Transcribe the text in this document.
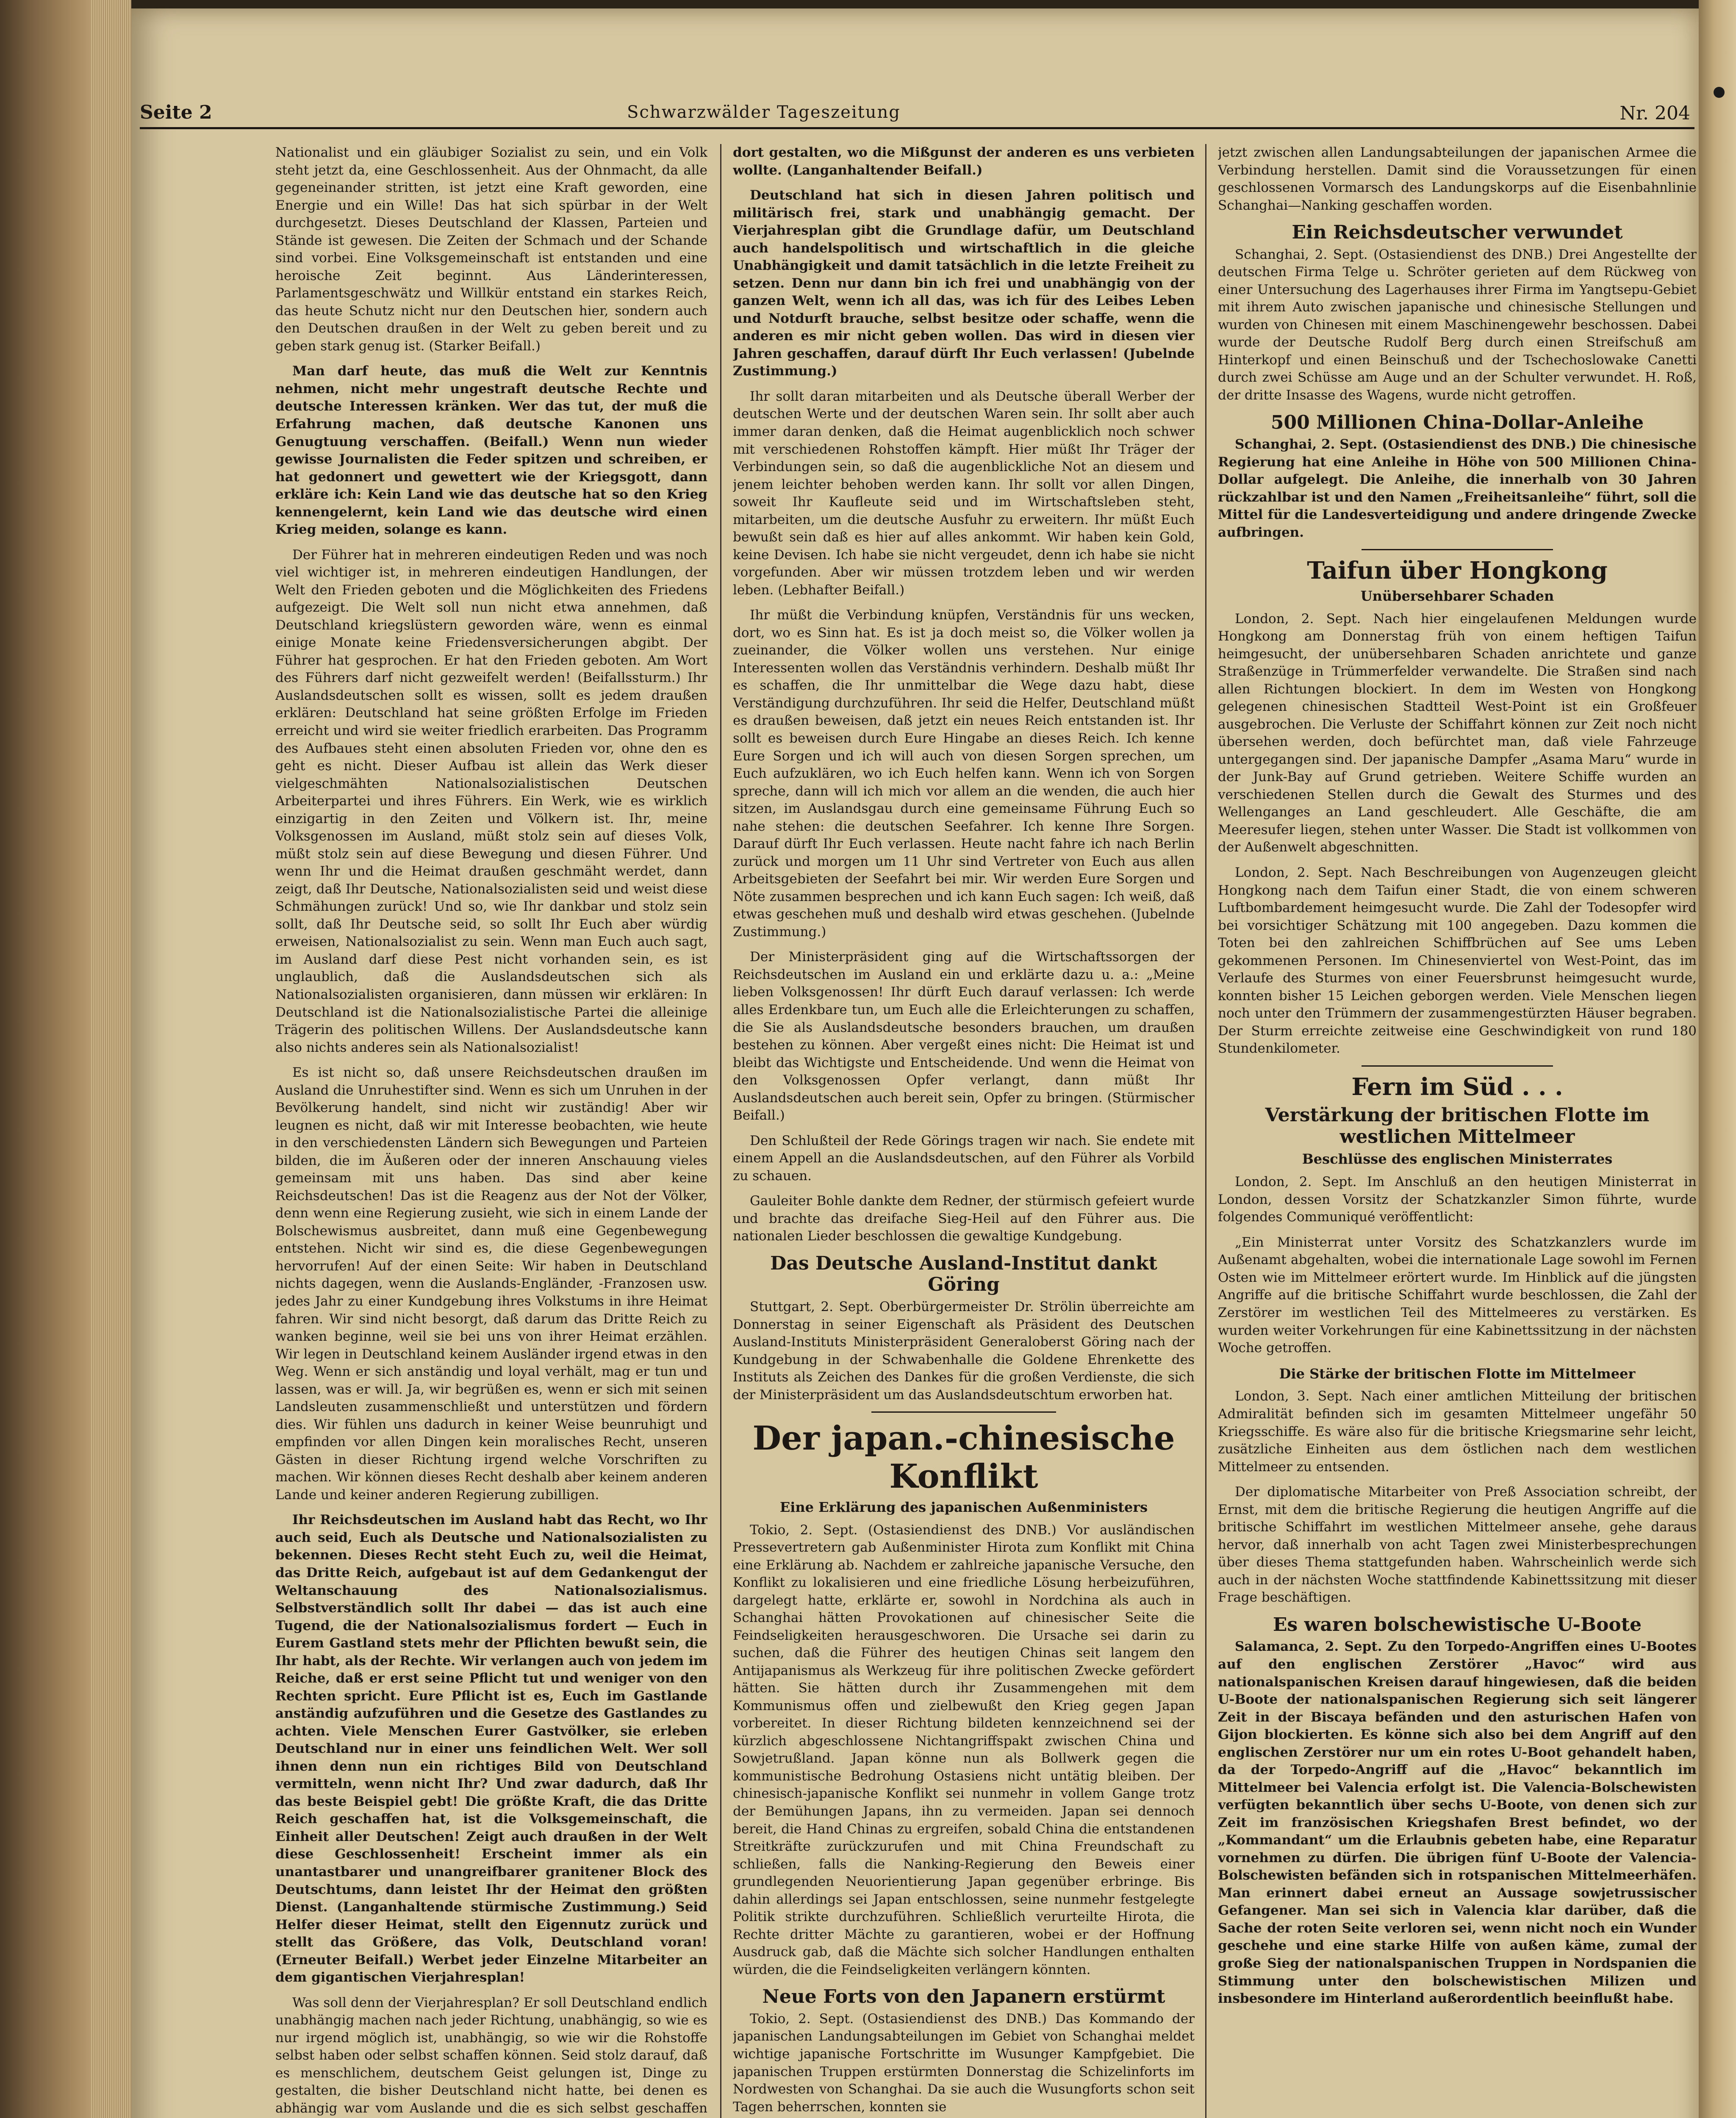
Seite 2	Schwarzwälder Tageszeitung	Nr. 204

Nationalist und ein gläubiger Sozialist zu sein, und ein Volk steht jetzt da, eine Geschlossenheit. Aus der Ohnmacht, da alle gegeneinander stritten, ist jetzt eine Kraft geworden, eine Energie und ein Wille! Das hat sich spürbar in der Welt durchgesetzt. Dieses Deutschland der Klassen, Parteien und Stände ist gewesen. Die Zeiten der Schmach und der Schande sind vorbei. Eine Volksgemeinschaft ist entstanden und eine heroische Zeit beginnt. Aus Länderinteressen, Parlamentsgeschwätz und Willkür entstand ein starkes Reich, das heute Schutz nicht nur den Deutschen hier, sondern auch den Deutschen draußen in der Welt zu geben bereit und zu geben stark genug ist. (Starker Beifall.)

Man darf heute, das muß die Welt zur Kenntnis nehmen, nicht mehr ungestraft deutsche Rechte und deutsche Interessen kränken. Wer das tut, der muß die Erfahrung machen, daß deutsche Kanonen uns Genugtuung verschaffen. (Beifall.) Wenn nun wieder gewisse Journalisten die Feder spitzen und schreiben, er hat gedonnert und gewettert wie der Kriegsgott, dann erkläre ich: Kein Land wie das deutsche hat so den Krieg kennengelernt, kein Land wie das deutsche wird einen Krieg meiden, solange es kann.

Der Führer hat in mehreren eindeutigen Reden und was noch viel wichtiger ist, in mehreren eindeutigen Handlungen, der Welt den Frieden geboten und die Möglichkeiten des Friedens aufgezeigt. Die Welt soll nun nicht etwa annehmen, daß Deutschland kriegslüstern geworden wäre, wenn es einmal einige Monate keine Friedensversicherungen abgibt. Der Führer hat gesprochen. Er hat den Frieden geboten. Am Wort des Führers darf nicht gezweifelt werden! (Beifallssturm.) Ihr Auslandsdeutschen sollt es wissen, sollt es jedem draußen erklären: Deutschland hat seine größten Erfolge im Frieden erreicht und wird sie weiter friedlich erarbeiten. Das Programm des Aufbaues steht einen absoluten Frieden vor, ohne den es geht es nicht. Dieser Aufbau ist allein das Werk dieser vielgeschmähten Nationalsozialistischen Deutschen Arbeiterpartei und ihres Führers. Ein Werk, wie es wirklich einzigartig in den Zeiten und Völkern ist. Ihr, meine Volksgenossen im Ausland, müßt stolz sein auf dieses Volk, müßt stolz sein auf diese Bewegung und diesen Führer. Und wenn Ihr und die Heimat draußen geschmäht werdet, dann zeigt, daß Ihr Deutsche, Nationalsozialisten seid und weist diese Schmähungen zurück! Und so, wie Ihr dankbar und stolz sein sollt, daß Ihr Deutsche seid, so sollt Ihr Euch aber würdig erweisen, Nationalsozialist zu sein. Wenn man Euch auch sagt, im Ausland darf diese Pest nicht vorhanden sein, es ist unglaublich, daß die Auslandsdeutschen sich als Nationalsozialisten organisieren, dann müssen wir erklären: In Deutschland ist die Nationalsozialistische Partei die alleinige Trägerin des politischen Willens. Der Auslandsdeutsche kann also nichts anderes sein als Nationalsozialist!

Es ist nicht so, daß unsere Reichsdeutschen draußen im Ausland die Unruhestifter sind. Wenn es sich um Unruhen in der Bevölkerung handelt, sind nicht wir zuständig! Aber wir leugnen es nicht, daß wir mit Interesse beobachten, wie heute in den verschiedensten Ländern sich Bewegungen und Parteien bilden, die im Äußeren oder der inneren Anschauung vieles gemeinsam mit uns haben. Das sind aber keine Reichsdeutschen! Das ist die Reagenz aus der Not der Völker, denn wenn eine Regierung zusieht, wie sich in einem Lande der Bolschewismus ausbreitet, dann muß eine Gegenbewegung entstehen. Nicht wir sind es, die diese Gegenbewegungen hervorrufen! Auf der einen Seite: Wir haben in Deutschland nichts dagegen, wenn die Auslands-Engländer, -Franzosen usw. jedes Jahr zu einer Kundgebung ihres Volkstums in ihre Heimat fahren. Wir sind nicht besorgt, daß darum das Dritte Reich zu wanken beginne, weil sie bei uns von ihrer Heimat erzählen. Wir legen in Deutschland keinem Ausländer irgend etwas in den Weg. Wenn er sich anständig und loyal verhält, mag er tun und lassen, was er will. Ja, wir begrüßen es, wenn er sich mit seinen Landsleuten zusammenschließt und unterstützen und fördern dies. Wir fühlen uns dadurch in keiner Weise beunruhigt und empfinden vor allen Dingen kein moralisches Recht, unseren Gästen in dieser Richtung irgend welche Vorschriften zu machen. Wir können dieses Recht deshalb aber keinem anderen Lande und keiner anderen Regierung zubilligen.

Ihr Reichsdeutschen im Ausland habt das Recht, wo Ihr auch seid, Euch als Deutsche und Nationalsozialisten zu bekennen. Dieses Recht steht Euch zu, weil die Heimat, das Dritte Reich, aufgebaut ist auf dem Gedankengut der Weltanschauung des Nationalsozialismus. Selbstverständlich sollt Ihr dabei — das ist auch eine Tugend, die der Nationalsozialismus fordert — Euch in Eurem Gastland stets mehr der Pflichten bewußt sein, die Ihr habt, als der Rechte. Wir verlangen auch von jedem im Reiche, daß er erst seine Pflicht tut und weniger von den Rechten spricht. Eure Pflicht ist es, Euch im Gastlande anständig aufzuführen und die Gesetze des Gastlandes zu achten. Viele Menschen Eurer Gastvölker, sie erleben Deutschland nur in einer uns feindlichen Welt. Wer soll ihnen denn nun ein richtiges Bild von Deutschland vermitteln, wenn nicht Ihr? Und zwar dadurch, daß Ihr das beste Beispiel gebt! Die größte Kraft, die das Dritte Reich geschaffen hat, ist die Volksgemeinschaft, die Einheit aller Deutschen! Zeigt auch draußen in der Welt diese Geschlossenheit! Erscheint immer als ein unantastbarer und unangreifbarer granitener Block des Deutschtums, dann leistet Ihr der Heimat den größten Dienst. (Langanhaltende stürmische Zustimmung.) Seid Helfer dieser Heimat, stellt den Eigennutz zurück und stellt das Größere, das Volk, Deutschland voran! (Erneuter Beifall.) Werbet jeder Einzelne Mitarbeiter an dem gigantischen Vierjahresplan!

Was soll denn der Vierjahresplan? Er soll Deutschland endlich unabhängig machen nach jeder Richtung, unabhängig, so wie es nur irgend möglich ist, unabhängig, so wie wir die Rohstoffe selbst haben oder selbst schaffen können. Seid stolz darauf, daß es menschlichem, deutschem Geist gelungen ist, Dinge zu gestalten, die bisher Deutschland nicht hatte, bei denen es abhängig war vom Auslande und die es sich selbst geschaffen

dort gestalten, wo die Mißgunst der anderen es uns verbieten wollte. (Langanhaltender Beifall.)

Deutschland hat sich in diesen Jahren politisch und militärisch frei, stark und unabhängig gemacht. Der Vierjahresplan gibt die Grundlage dafür, um Deutschland auch handelspolitisch und wirtschaftlich in die gleiche Unabhängigkeit und damit tatsächlich in die letzte Freiheit zu setzen. Denn nur dann bin ich frei und unabhängig von der ganzen Welt, wenn ich all das, was ich für des Leibes Leben und Notdurft brauche, selbst besitze oder schaffe, wenn die anderen es mir nicht geben wollen. Das wird in diesen vier Jahren geschaffen, darauf dürft Ihr Euch verlassen! (Jubelnde Zustimmung.)

Ihr sollt daran mitarbeiten und als Deutsche überall Werber der deutschen Werte und der deutschen Waren sein. Ihr sollt aber auch immer daran denken, daß die Heimat augenblicklich noch schwer mit verschiedenen Rohstoffen kämpft. Hier müßt Ihr Träger der Verbindungen sein, so daß die augenblickliche Not an diesem und jenem leichter behoben werden kann. Ihr sollt vor allen Dingen, soweit Ihr Kaufleute seid und im Wirtschaftsleben steht, mitarbeiten, um die deutsche Ausfuhr zu erweitern. Ihr müßt Euch bewußt sein daß es hier auf alles ankommt. Wir haben kein Gold, keine Devisen. Ich habe sie nicht vergeudet, denn ich habe sie nicht vorgefunden. Aber wir müssen trotzdem leben und wir werden leben. (Lebhafter Beifall.)

Ihr müßt die Verbindung knüpfen, Verständnis für uns wecken, dort, wo es Sinn hat. Es ist ja doch meist so, die Völker wollen ja zueinander, die Völker wollen uns verstehen. Nur einige Interessenten wollen das Verständnis verhindern. Deshalb müßt Ihr es schaffen, die Ihr unmittelbar die Wege dazu habt, diese Verständigung durchzuführen. Ihr seid die Helfer, Deutschland müßt es draußen beweisen, daß jetzt ein neues Reich entstanden ist. Ihr sollt es beweisen durch Eure Hingabe an dieses Reich. Ich kenne Eure Sorgen und ich will auch von diesen Sorgen sprechen, um Euch aufzuklären, wo ich Euch helfen kann. Wenn ich von Sorgen spreche, dann will ich mich vor allem an die wenden, die auch hier sitzen, im Auslandsgau durch eine gemeinsame Führung Euch so nahe stehen: die deutschen Seefahrer. Ich kenne Ihre Sorgen. Darauf dürft Ihr Euch verlassen. Heute nacht fahre ich nach Berlin zurück und morgen um 11 Uhr sind Vertreter von Euch aus allen Arbeitsgebieten der Seefahrt bei mir. Wir werden Eure Sorgen und Nöte zusammen besprechen und ich kann Euch sagen: Ich weiß, daß etwas geschehen muß und deshalb wird etwas geschehen. (Jubelnde Zustimmung.)

Der Ministerpräsident ging auf die Wirtschaftssorgen der Reichsdeutschen im Ausland ein und erklärte dazu u. a.: „Meine lieben Volksgenossen! Ihr dürft Euch darauf verlassen: Ich werde alles Erdenkbare tun, um Euch alle die Erleichterungen zu schaffen, die Sie als Auslandsdeutsche besonders brauchen, um draußen bestehen zu können. Aber vergeßt eines nicht: Die Heimat ist und bleibt das Wichtigste und Entscheidende. Und wenn die Heimat von den Volksgenossen Opfer verlangt, dann müßt Ihr Auslandsdeutschen auch bereit sein, Opfer zu bringen. (Stürmischer Beifall.)

Den Schlußteil der Rede Görings tragen wir nach. Sie endete mit einem Appell an die Auslandsdeutschen, auf den Führer als Vorbild zu schauen.

Gauleiter Bohle dankte dem Redner, der stürmisch gefeiert wurde und brachte das dreifache Sieg-Heil auf den Führer aus. Die nationalen Lieder beschlossen die gewaltige Kundgebung.

Das Deutsche Ausland-Institut dankt Göring

Stuttgart, 2. Sept. Oberbürgermeister Dr. Strölin überreichte am Donnerstag in seiner Eigenschaft als Präsident des Deutschen Ausland-Instituts Ministerpräsident Generaloberst Göring nach der Kundgebung in der Schwabenhalle die Goldene Ehrenkette des Instituts als Zeichen des Dankes für die großen Verdienste, die sich der Ministerpräsident um das Auslandsdeutschtum erworben hat.

Der japan.-chinesische Konflikt
Eine Erklärung des japanischen Außenministers

Tokio, 2. Sept. (Ostasiendienst des DNB.) Vor ausländischen Pressevertretern gab Außenminister Hirota zum Konflikt mit China eine Erklärung ab. Nachdem er zahlreiche japanische Versuche, den Konflikt zu lokalisieren und eine friedliche Lösung herbeizuführen, dargelegt hatte, erklärte er, sowohl in Nordchina als auch in Schanghai hätten Provokationen auf chinesischer Seite die Feindseligkeiten herausgeschworen. Die Ursache sei darin zu suchen, daß die Führer des heutigen Chinas seit langem den Antijapanismus als Werkzeug für ihre politischen Zwecke gefördert hätten. Sie hätten durch ihr Zusammengehen mit dem Kommunismus offen und zielbewußt den Krieg gegen Japan vorbereitet. In dieser Richtung bildeten kennzeichnend sei der kürzlich abgeschlossene Nichtangriffspakt zwischen China und Sowjetrußland. Japan könne nun als Bollwerk gegen die kommunistische Bedrohung Ostasiens nicht untätig bleiben. Der chinesisch-japanische Konflikt sei nunmehr in vollem Gange trotz der Bemühungen Japans, ihn zu vermeiden. Japan sei dennoch bereit, die Hand Chinas zu ergreifen, sobald China die entstandenen Streitkräfte zurückzurufen und mit China Freundschaft zu schließen, falls die Nanking-Regierung den Beweis einer grundlegenden Neuorientierung Japan gegenüber erbringe. Bis dahin allerdings sei Japan entschlossen, seine nunmehr festgelegte Politik strikte durchzuführen. Schließlich verurteilte Hirota, die Rechte dritter Mächte zu garantieren, wobei er der Hoffnung Ausdruck gab, daß die Mächte sich solcher Handlungen enthalten würden, die die Feindseligkeiten verlängern könnten.

Neue Forts von den Japanern erstürmt

Tokio, 2. Sept. (Ostasiendienst des DNB.) Das Kommando der japanischen Landungsabteilungen im Gebiet von Schanghai meldet wichtige japanische Fortschritte im Wusunger Kampfgebiet. Die japanischen Truppen erstürmten Donnerstag die Schizelinforts im Nordwesten von Schanghai. Da sie auch die Wusungforts schon seit Tagen beherrschen, konnten sie

jetzt zwischen allen Landungsabteilungen der japanischen Armee die Verbindung herstellen. Damit sind die Voraussetzungen für einen geschlossenen Vormarsch des Landungskorps auf die Eisenbahnlinie Schanghai—Nanking geschaffen worden.

Ein Reichsdeutscher verwundet

Schanghai, 2. Sept. (Ostasiendienst des DNB.) Drei Angestellte der deutschen Firma Telge u. Schröter gerieten auf dem Rückweg von einer Untersuchung des Lagerhauses ihrer Firma im Yangtsepu-Gebiet mit ihrem Auto zwischen japanische und chinesische Stellungen und wurden von Chinesen mit einem Maschinengewehr beschossen. Dabei wurde der Deutsche Rudolf Berg durch einen Streifschuß am Hinterkopf und einen Beinschuß und der Tschechoslowake Canetti durch zwei Schüsse am Auge und an der Schulter verwundet. H. Roß, der dritte Insasse des Wagens, wurde nicht getroffen.

500 Millionen China-Dollar-Anleihe

Schanghai, 2. Sept. (Ostasiendienst des DNB.) Die chinesische Regierung hat eine Anleihe in Höhe von 500 Millionen China-Dollar aufgelegt. Die Anleihe, die innerhalb von 30 Jahren rückzahlbar ist und den Namen „Freiheitsanleihe“ führt, soll die Mittel für die Landesverteidigung und andere dringende Zwecke aufbringen.

Taifun über Hongkong
Unübersehbarer Schaden

London, 2. Sept. Nach hier eingelaufenen Meldungen wurde Hongkong am Donnerstag früh von einem heftigen Taifun heimgesucht, der unübersehbaren Schaden anrichtete und ganze Straßenzüge in Trümmerfelder verwandelte. Die Straßen sind nach allen Richtungen blockiert. In dem im Westen von Hongkong gelegenen chinesischen Stadtteil West-Point ist ein Großfeuer ausgebrochen. Die Verluste der Schiffahrt können zur Zeit noch nicht übersehen werden, doch befürchtet man, daß viele Fahrzeuge untergegangen sind. Der japanische Dampfer „Asama Maru“ wurde in der Junk-Bay auf Grund getrieben. Weitere Schiffe wurden an verschiedenen Stellen durch die Gewalt des Sturmes und des Wellenganges an Land geschleudert. Alle Geschäfte, die am Meeresufer liegen, stehen unter Wasser. Die Stadt ist vollkommen von der Außenwelt abgeschnitten.

London, 2. Sept. Nach Beschreibungen von Augenzeugen gleicht Hongkong nach dem Taifun einer Stadt, die von einem schweren Luftbombardement heimgesucht wurde. Die Zahl der Todesopfer wird bei vorsichtiger Schätzung mit 100 angegeben. Dazu kommen die Toten bei den zahlreichen Schiffbrüchen auf See ums Leben gekommenen Personen. Im Chinesenviertel von West-Point, das im Verlaufe des Sturmes von einer Feuersbrunst heimgesucht wurde, konnten bisher 15 Leichen geborgen werden. Viele Menschen liegen noch unter den Trümmern der zusammengestürzten Häuser begraben. Der Sturm erreichte zeitweise eine Geschwindigkeit von rund 180 Stundenkilometer.

Fern im Süd . . .
Verstärkung der britischen Flotte im westlichen Mittelmeer
Beschlüsse des englischen Ministerrates

London, 2. Sept. Im Anschluß an den heutigen Ministerrat in London, dessen Vorsitz der Schatzkanzler Simon führte, wurde folgendes Communiqué veröffentlicht:

„Ein Ministerrat unter Vorsitz des Schatzkanzlers wurde im Außenamt abgehalten, wobei die internationale Lage sowohl im Fernen Osten wie im Mittelmeer erörtert wurde. Im Hinblick auf die jüngsten Angriffe auf die britische Schiffahrt wurde beschlossen, die Zahl der Zerstörer im westlichen Teil des Mittelmeeres zu verstärken. Es wurden weiter Vorkehrungen für eine Kabinettssitzung in der nächsten Woche getroffen.

Die Stärke der britischen Flotte im Mittelmeer

London, 3. Sept. Nach einer amtlichen Mitteilung der britischen Admiralität befinden sich im gesamten Mittelmeer ungefähr 50 Kriegsschiffe. Es wäre also für die britische Kriegsmarine sehr leicht, zusätzliche Einheiten aus dem östlichen nach dem westlichen Mittelmeer zu entsenden.

Der diplomatische Mitarbeiter von Preß Association schreibt, der Ernst, mit dem die britische Regierung die heutigen Angriffe auf die britische Schiffahrt im westlichen Mittelmeer ansehe, gehe daraus hervor, daß innerhalb von acht Tagen zwei Ministerbesprechungen über dieses Thema stattgefunden haben. Wahrscheinlich werde sich auch in der nächsten Woche stattfindende Kabinettssitzung mit dieser Frage beschäftigen.

Es waren bolschewistische U-Boote

Salamanca, 2. Sept. Zu den Torpedo-Angriffen eines U-Bootes auf den englischen Zerstörer „Havoc“ wird aus nationalspanischen Kreisen darauf hingewiesen, daß die beiden U-Boote der nationalspanischen Regierung sich seit längerer Zeit in der Biscaya befänden und den asturischen Hafen von Gijon blockierten. Es könne sich also bei dem Angriff auf den englischen Zerstörer nur um ein rotes U-Boot gehandelt haben, da der Torpedo-Angriff auf die „Havoc“ bekanntlich im Mittelmeer bei Valencia erfolgt ist. Die Valencia-Bolschewisten verfügten bekanntlich über sechs U-Boote, von denen sich zur Zeit im französischen Kriegshafen Brest befindet, wo der „Kommandant“ um die Erlaubnis gebeten habe, eine Reparatur vornehmen zu dürfen. Die übrigen fünf U-Boote der Valencia-Bolschewisten befänden sich in rotspanischen Mittelmeerhäfen. Man erinnert dabei erneut an Aussage sowjetrussischer Gefangener. Man sei sich in Valencia klar darüber, daß die Sache der roten Seite verloren sei, wenn nicht noch ein Wunder geschehe und eine starke Hilfe von außen käme, zumal der große Sieg der nationalspanischen Truppen in Nordspanien die Stimmung unter den bolschewistischen Milizen und insbesondere im Hinterland außerordentlich beeinflußt habe.
